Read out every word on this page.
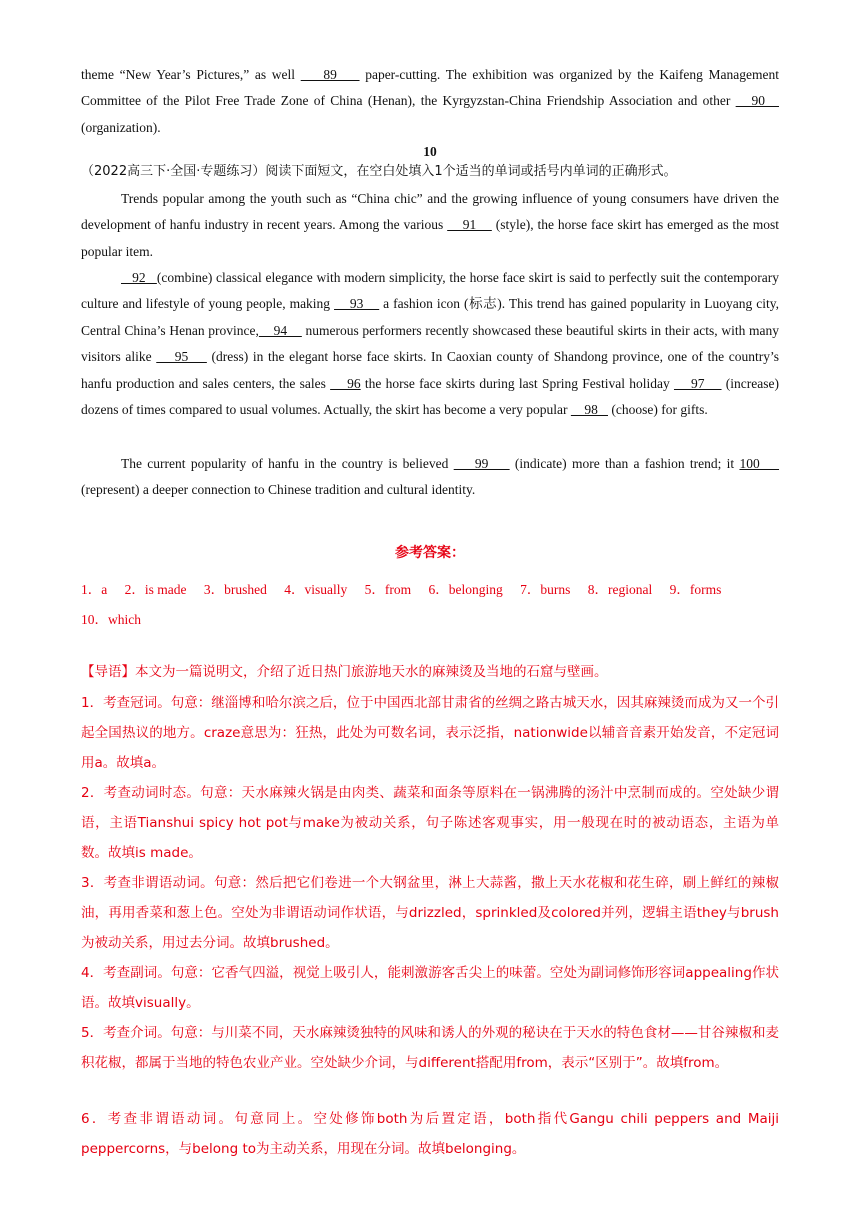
theme “New Year’s Pictures,” as well     89     paper-cutting. The exhibition was organized by the Kaifeng Management Committee of the Pilot Free Trade Zone of China (Henan), the Kyrgyzstan-China Friendship Association and other    90    (organization).

10
（2022高三下·全国·专题练习）阅读下面短文，在空白处填入1个适当的单词或括号内单词的正确形式。

Trends popular among the youth such as “China chic” and the growing influence of young consumers have driven the development of hanfu industry in recent years. Among the various     91     (style), the horse face skirt has emerged as the most popular item.

92   (combine) classical elegance with modern simplicity, the horse face skirt is said to perfectly suit the contemporary culture and lifestyle of young people, making     93     a fashion icon (标志). This trend has gained popularity in Luoyang city, Central China’s Henan province,    94     numerous performers recently showcased these beautiful skirts in their acts, with many visitors alike     95     (dress) in the elegant horse face skirts. In Caoxian county of Shandong province, one of the country’s hanfu production and sales centers, the sales     96 the horse face skirts during last Spring Festival holiday     97     (increase) dozens of times compared to usual volumes. Actually, the skirt has become a very popular     98    (choose) for gifts.

The current popularity of hanfu in the country is believed     99     (indicate) more than a fashion trend; it 100     (represent) a deeper connection to Chinese tradition and cultural identity.

参考答案：
1．a 2．is made 3．brushed 4．visually 5．from 6．belonging 7．burns 8．regional 9．forms
10．which

【导语】本文为一篇说明文，介绍了近日热门旅游地天水的麻辣烫及当地的石窟与壁画。

1．考查冠词。句意：继淄博和哈尔滨之后，位于中国西北部甘肃省的丝绸之路古城天水，因其麻辣烫而成为又一个引起全国热议的地方。craze意思为：狂热，此处为可数名词，表示泛指，nationwide以辅音音素开始发音，不定冠词用a。故填a。

2．考查动词时态。句意：天水麻辣火锅是由肉类、蔬菜和面条等原料在一锅沸腾的汤汁中烹制而成的。空处缺少谓语，主语Tianshui spicy hot pot与make为被动关系，句子陈述客观事实，用一般现在时的被动语态，主语为单数。故填is made。

3．考查非谓语动词。句意：然后把它们卷进一个大钢盆里，淋上大蒜酱，撒上天水花椒和花生碎，刷上鲜红的辣椒油，再用香菜和葱上色。空处为非谓语动词作状语，与drizzled，sprinkled及colored并列，逻辑主语they与brush为被动关系，用过去分词。故填brushed。

4．考查副词。句意：它香气四溢，视觉上吸引人，能刺激游客舌尖上的味蕾。空处为副词修饰形容词appealing作状语。故填visually。

5．考查介词。句意：与川菜不同，天水麻辣烫独特的风味和诱人的外观的秘诀在于天水的特色食材——甘谷辣椒和麦积花椒，都属于当地的特色农业产业。空处缺少介词，与different搭配用from，表示“区别于”。故填from。

6．考查非谓语动词。句意同上。空处修饰both为后置定语，both指代Gangu chili peppers and Maiji peppercorns，与belong to为主动关系，用现在分词。故填belonging。
